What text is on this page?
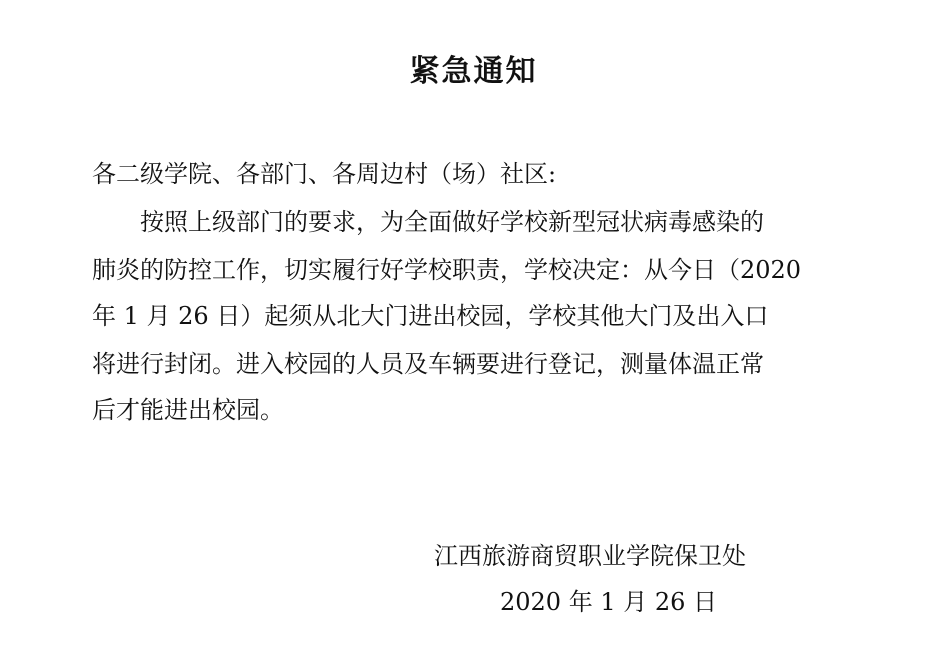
紧急通知
各二级学院、各部门、各周边村（场）社区:
按照上级部门的要求，为全面做好学校新型冠状病毒感染的
肺炎的防控工作，切实履行好学校职责，学校决定：从今日（2020
年 1 月 26 日）起须从北大门进出校园，学校其他大门及出入口
将进行封闭。进入校园的人员及车辆要进行登记，测量体温正常
后才能进出校园。
江西旅游商贸职业学院保卫处
2020 年 1 月 26 日
